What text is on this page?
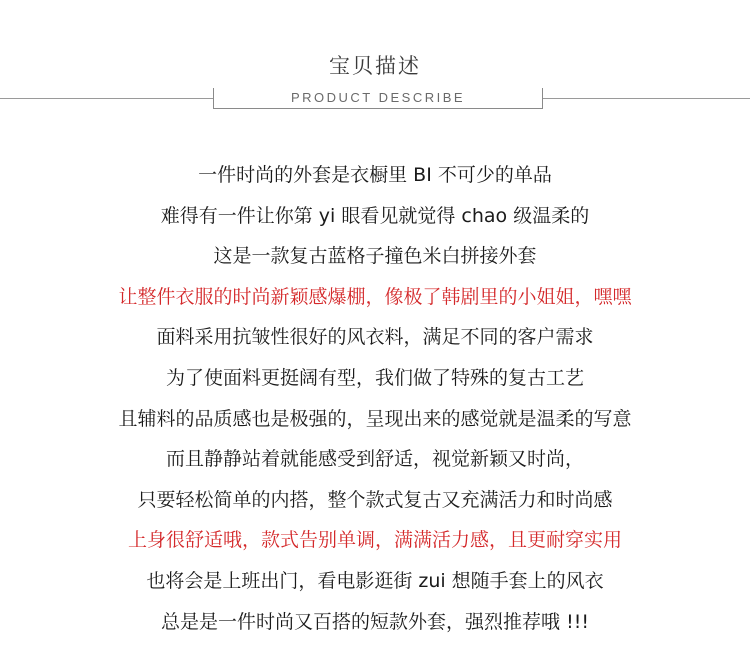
宝贝描述
PRODUCT DESCRIBE
一件时尚的外套是衣橱里 BI 不可少的单品
难得有一件让你第 yi 眼看见就觉得 chao 级温柔的
这是一款复古蓝格子撞色米白拼接外套
让整件衣服的时尚新颖感爆棚，像极了韩剧里的小姐姐，嘿嘿
面料采用抗皱性很好的风衣料，满足不同的客户需求
为了使面料更挺阔有型，我们做了特殊的复古工艺
且辅料的品质感也是极强的，呈现出来的感觉就是温柔的写意
而且静静站着就能感受到舒适，视觉新颖又时尚，
只要轻松简单的内搭，整个款式复古又充满活力和时尚感
上身很舒适哦，款式告别单调，满满活力感，且更耐穿实用
也将会是上班出门，看电影逛街 zui 想随手套上的风衣
总是是一件时尚又百搭的短款外套，强烈推荐哦 !!!
